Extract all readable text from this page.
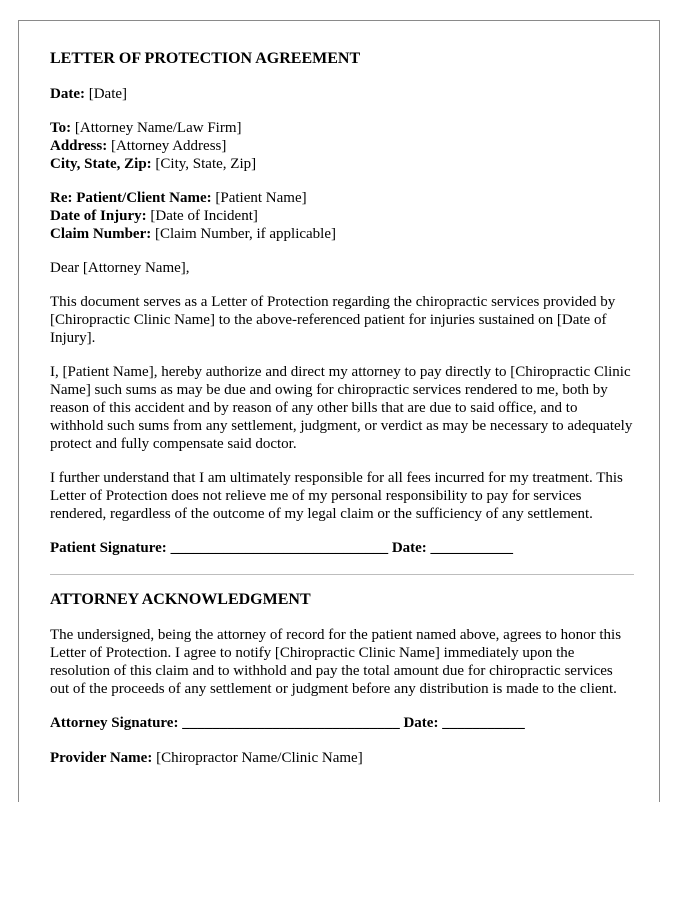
LETTER OF PROTECTION AGREEMENT
Date: [Date]
To: [Attorney Name/Law Firm]
Address: [Attorney Address]
City, State, Zip: [City, State, Zip]
Re: Patient/Client Name: [Patient Name]
Date of Injury: [Date of Incident]
Claim Number: [Claim Number, if applicable]

Dear [Attorney Name],

This document serves as a Letter of Protection regarding the chiropractic services provided by [Chiropractic Clinic Name] to the above-referenced patient for injuries sustained on [Date of Injury].

I, [Patient Name], hereby authorize and direct my attorney to pay directly to [Chiropractic Clinic Name] such sums as may be due and owing for chiropractic services rendered to me, both by reason of this accident and by reason of any other bills that are due to said office, and to withhold such sums from any settlement, judgment, or verdict as may be necessary to adequately protect and fully compensate said doctor.

I further understand that I am ultimately responsible for all fees incurred for my treatment. This Letter of Protection does not relieve me of my personal responsibility to pay for services rendered, regardless of the outcome of my legal claim or the sufficiency of any settlement.

Patient Signature: _____________________________ Date: ___________
ATTORNEY ACKNOWLEDGMENT

The undersigned, being the attorney of record for the patient named above, agrees to honor this Letter of Protection. I agree to notify [Chiropractic Clinic Name] immediately upon the resolution of this claim and to withhold and pay the total amount due for chiropractic services out of the proceeds of any settlement or judgment before any distribution is made to the client.

Attorney Signature: _____________________________ Date: ___________
Provider Name: [Chiropractor Name/Clinic Name]
